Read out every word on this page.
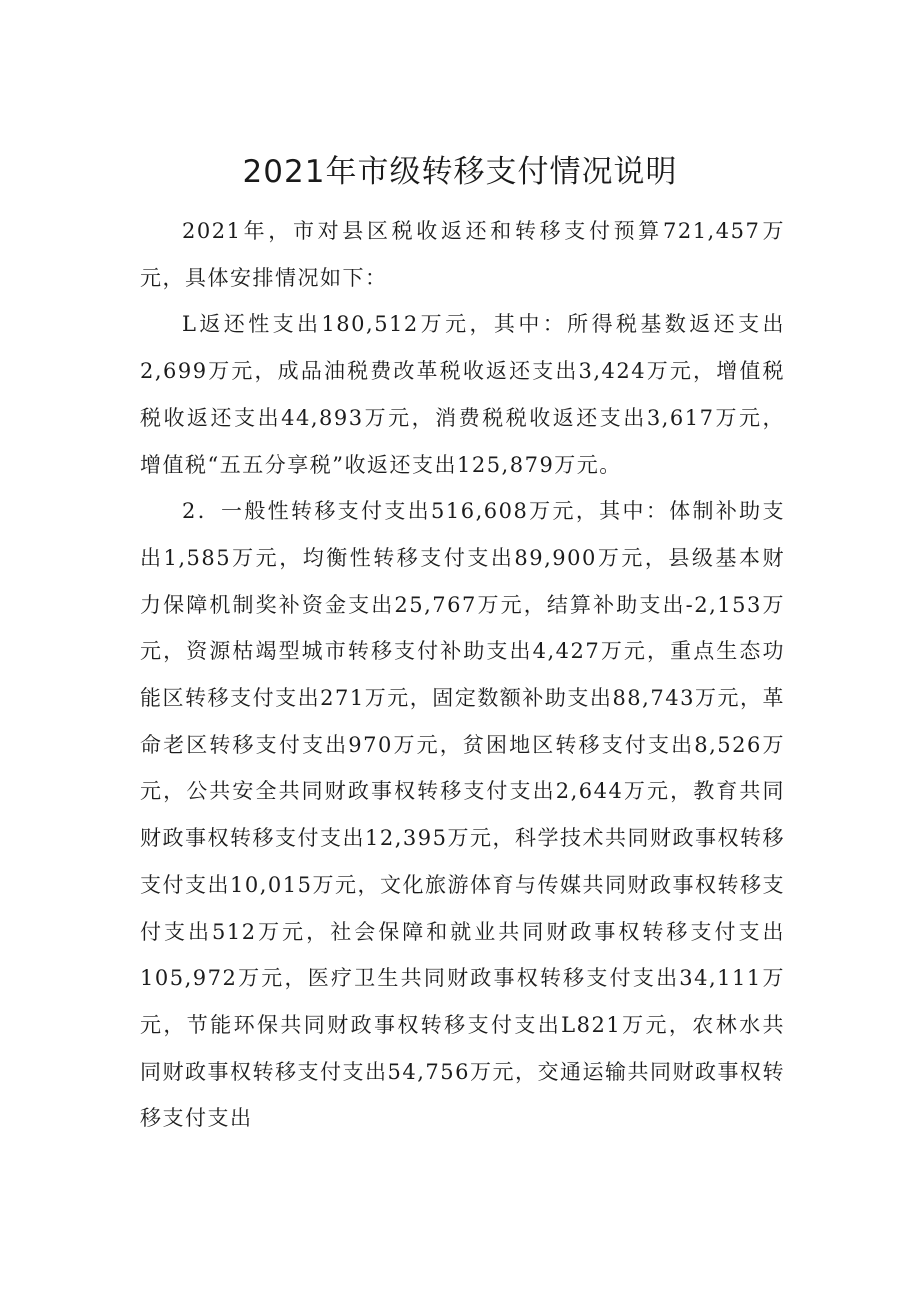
2021年市级转移支付情况说明

2021年，市对县区税收返还和转移支付预算721,457万元，具体安排情况如下：

L返还性支出180,512万元，其中：所得税基数返还支出2,699万元，成品油税费改革税收返还支出3,424万元，增值税税收返还支出44,893万元，消费税税收返还支出3,617万元，增值税“五五分享税”收返还支出125,879万元。

2．一般性转移支付支出516,608万元，其中：体制补助支出1,585万元，均衡性转移支付支出89,900万元，县级基本财力保障机制奖补资金支出25,767万元，结算补助支出-2,153万元，资源枯竭型城市转移支付补助支出4,427万元，重点生态功能区转移支付支出271万元，固定数额补助支出88,743万元，革命老区转移支付支出970万元，贫困地区转移支付支出8,526万元，公共安全共同财政事权转移支付支出2,644万元，教育共同财政事权转移支付支出12,395万元，科学技术共同财政事权转移支付支出10,015万元，文化旅游体育与传媒共同财政事权转移支付支出512万元，社会保障和就业共同财政事权转移支付支出105,972万元，医疗卫生共同财政事权转移支付支出34,111万元，节能环保共同财政事权转移支付支出L821万元，农林水共同财政事权转移支付支出54,756万元，交通运输共同财政事权转移支付支出
